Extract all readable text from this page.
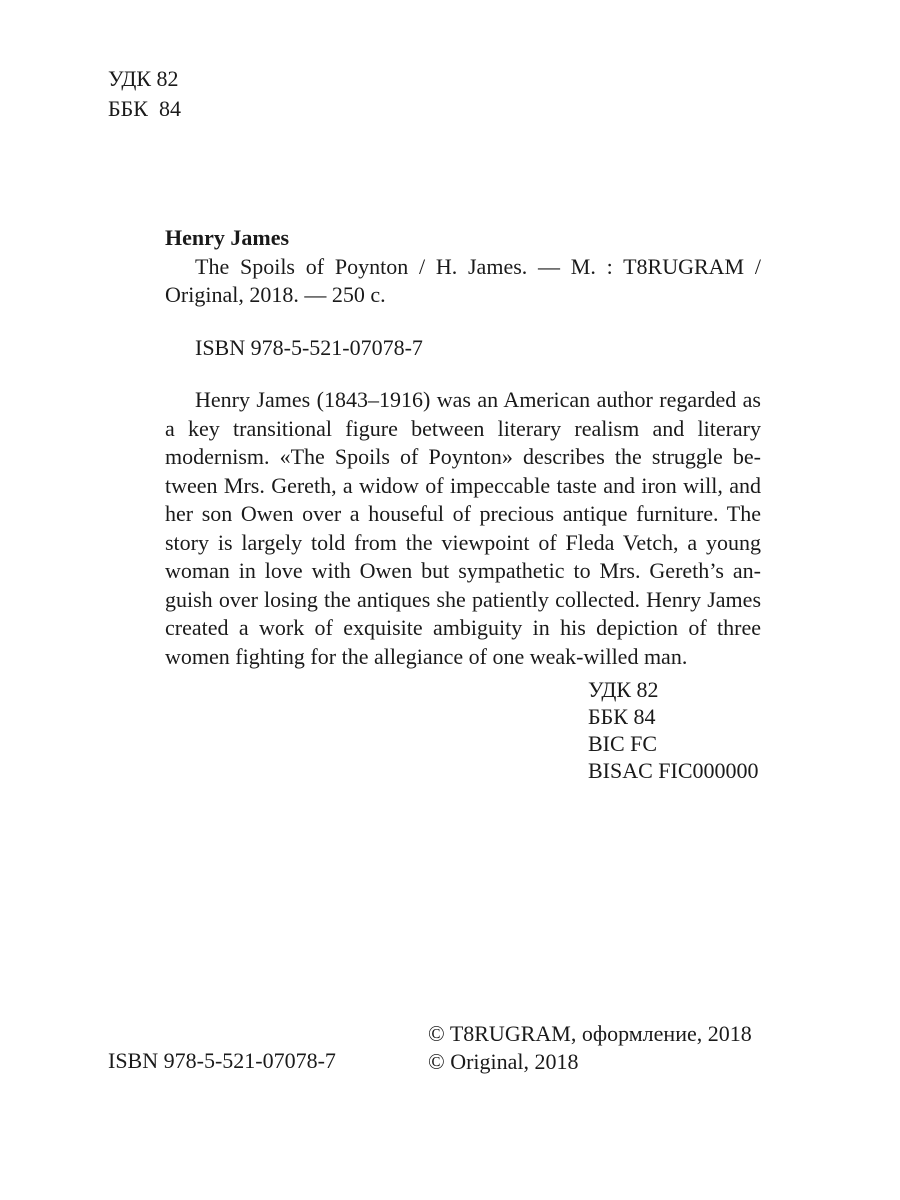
УДК 82
ББК  84
Henry James

The Spoils of Poynton / H. James. — M. : T8RUGRAM / Original, 2018. — 250 c.

ISBN 978-5-521-07078-7

Henry James (1843–1916) was an American author regarded as a key transitional figure between literary realism and literary modernism. «The Spoils of Poynton» describes the struggle between Mrs. Gereth, a widow of impeccable taste and iron will, and her son Owen over a houseful of precious antique furniture. The story is largely told from the viewpoint of Fleda Vetch, a young woman in love with Owen but sympathetic to Mrs. Gereth’s anguish over losing the antiques she patiently collected. Henry James created a work of exquisite ambiguity in his depiction of three women fighting for the allegiance of one weak-willed man.

УДК 82
ББК 84
BIC FC
BISAC FIC000000
ISBN 978-5-521-07078-7
© T8RUGRAM, оформление, 2018
© Original, 2018
